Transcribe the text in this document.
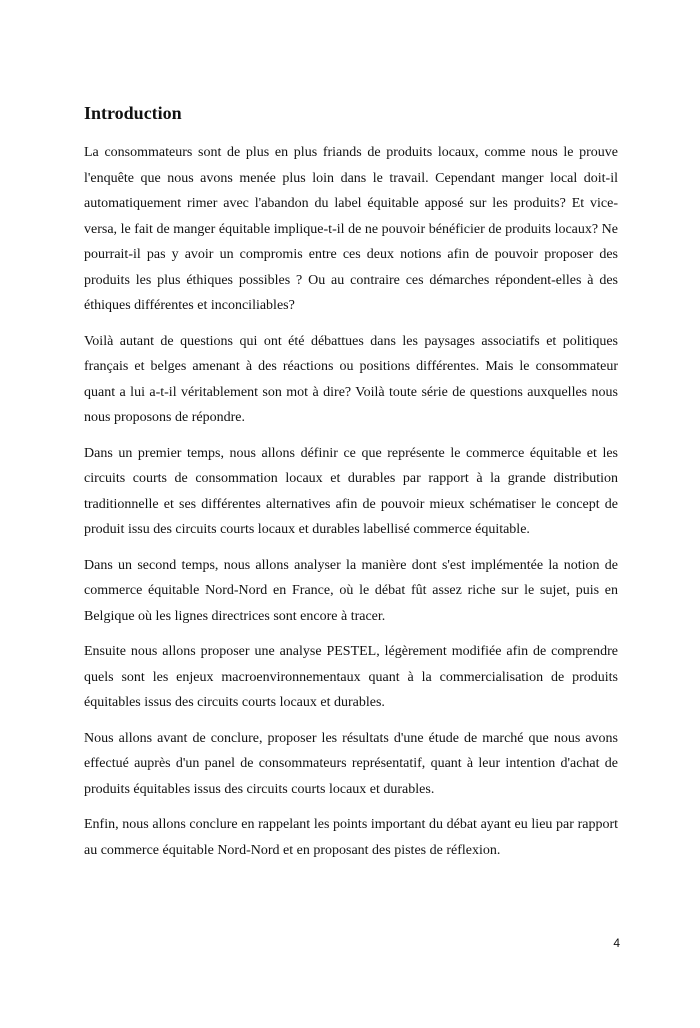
Introduction

La consommateurs sont de plus en plus friands de produits locaux, comme nous le prouve l'enquête que nous avons menée plus loin dans le travail. Cependant manger local doit-il automatiquement rimer avec l'abandon du label équitable apposé sur les produits? Et vice-versa, le fait de manger équitable implique-t-il de ne pouvoir bénéficier de produits locaux? Ne pourrait-il pas y avoir un compromis entre ces deux notions afin de pouvoir proposer des produits les plus éthiques possibles ? Ou au contraire ces démarches répondent-elles à des éthiques différentes et inconciliables?

Voilà autant de questions qui ont été débattues dans les paysages associatifs et politiques français et belges amenant à des réactions ou positions différentes. Mais le consommateur quant a lui a-t-il véritablement son mot à dire? Voilà toute série de questions auxquelles nous nous proposons de répondre.

Dans un premier temps, nous allons définir ce que représente le commerce équitable et les circuits courts de consommation locaux et durables par rapport à la grande distribution traditionnelle et ses différentes alternatives afin de pouvoir mieux schématiser le concept de produit issu des circuits courts locaux et durables labellisé commerce équitable.

Dans un second temps, nous allons analyser la manière dont s'est implémentée la notion de commerce équitable Nord-Nord en France, où le débat fût assez riche sur le sujet, puis en Belgique où les lignes directrices sont encore à tracer.

Ensuite nous allons proposer une analyse PESTEL, légèrement modifiée afin de comprendre quels sont les enjeux macroenvironnementaux quant à la commercialisation de produits équitables issus des circuits courts locaux et durables.

Nous allons avant de conclure, proposer les résultats d'une étude de marché que nous avons effectué auprès d'un panel de consommateurs représentatif, quant à leur intention d'achat de produits équitables issus des circuits courts locaux et durables.

Enfin, nous allons conclure en rappelant les points important du débat ayant eu lieu par rapport au commerce équitable Nord-Nord et en proposant des pistes de réflexion.

4
